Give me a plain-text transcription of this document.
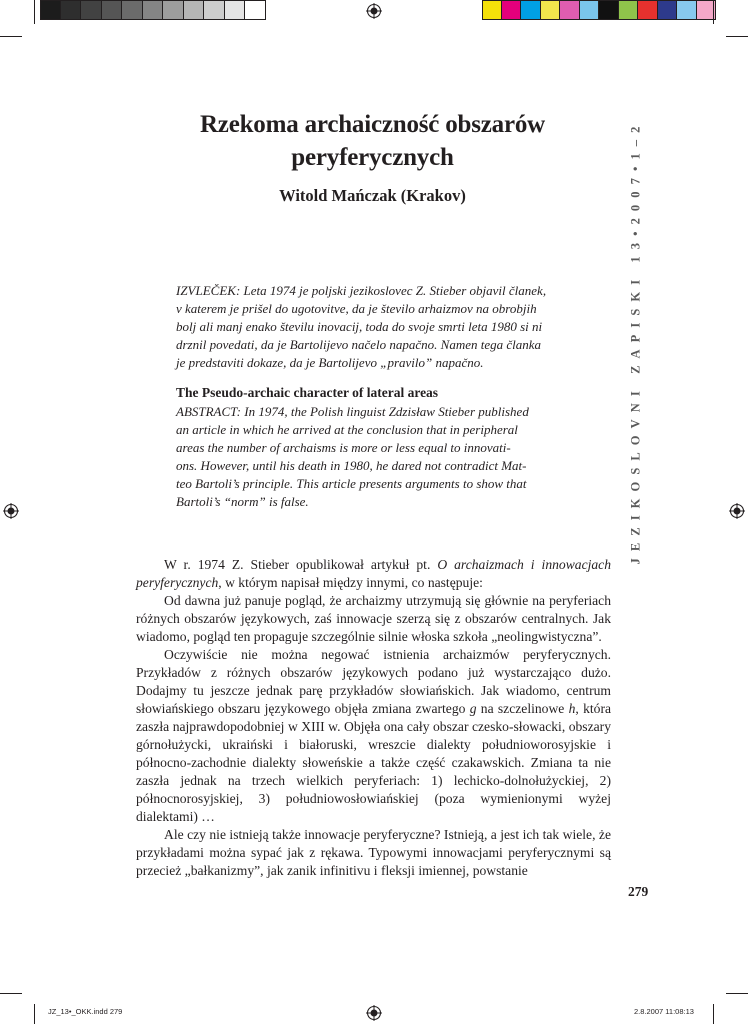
Rzekoma archaiczność obszarów
peryferycznych
Witold Mańczak (Krakov)
IZVLEČEK: Leta 1974 je poljski jezikoslovec Z. Stieber objavil članek,
v katerem je prišel do ugotovitve, da je število arhaizmov na obrobjih
bolj ali manj enako številu inovacij, toda do svoje smrti leta 1980 si ni
drznil povedati, da je Bartolijevo načelo napačno. Namen tega članka
je predstaviti dokaze, da je Bartolijevo „pravilo” napačno.
The Pseudo-archaic character of lateral areas
ABSTRACT: In 1974, the Polish linguist Zdzisław Stieber published
an article in which he arrived at the conclusion that in peripheral
areas the number of archaisms is more or less equal to innovati-
ons. However, until his death in 1980, he dared not contradict Mat-
teo Bartoli’s principle. This article presents arguments to show that
Bartoli’s “norm” is false.

W r. 1974 Z. Stieber opublikował artykuł pt. O archaizmach i innowacjach peryferycznych, w którym napisał między innymi, co następuje:

Od dawna już panuje pogląd, że archaizmy utrzymują się głównie na peryferiach różnych obszarów językowych, zaś innowacje szerzą się z obszarów centralnych. Jak wiadomo, pogląd ten propaguje szczególnie silnie włoska szkoła „neolingwistyczna”.

Oczywiście nie można negować istnienia archaizmów peryferycznych. Przykładów z różnych obszarów językowych podano już wystarczająco dużo. Dodajmy tu jeszcze jednak parę przykładów słowiańskich. Jak wiadomo, centrum słowiańskiego obszaru językowego objęła zmiana zwartego g na szczelinowe h, która zaszła najprawdopodobniej w XIII w. Objęła ona cały obszar czesko-słowacki, obszary górnołużycki, ukraiński i białoruski, wreszcie dialekty południoworosyjskie i północno-zachodnie dialekty słoweńskie a także część czakawskich. Zmiana ta nie zaszła jednak na trzech wielkich peryferiach: 1) lechicko-dolnołużyckiej, 2) północnorosyjskiej, 3) południowosłowiańskiej (poza wymienionymi wyżej dialektami) …

Ale czy nie istnieją także innowacje peryferyczne? Istnieją, a jest ich tak wiele, że przykładami można sypać jak z rękawa. Typowymi innowacjami peryferycznymi są przecież „bałkanizmy”, jak zanik infinitivu i fleksji imiennej, powstanie

279
JEZIKOSLOVNI ZAPISKI 13•2007•1–2
JZ_13•_OKK.indd 279	2.8.2007 11:08:13
